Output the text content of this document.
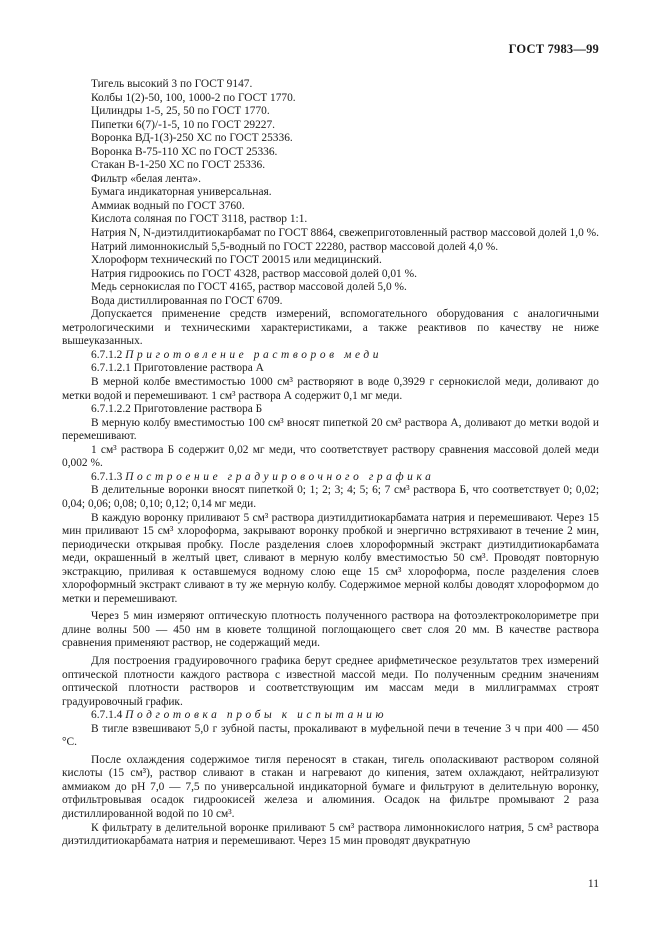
ГОСТ 7983—99

Тигель высокий 3 по ГОСТ 9147.

Колбы 1(2)-50, 100, 1000-2 по ГОСТ 1770.

Цилиндры 1-5, 25, 50 по ГОСТ 1770.

Пипетки 6(7)/-1-5, 10 по ГОСТ 29227.

Воронка ВД-1(3)-250 ХС по ГОСТ 25336.

Воронка В-75-110 ХС по ГОСТ 25336.

Стакан В-1-250 ХС по ГОСТ 25336.

Фильтр «белая лента».

Бумага индикаторная универсальная.

Аммиак водный по ГОСТ 3760.

Кислота соляная по ГОСТ 3118, раствор 1:1.

Натрия N, N-диэтилдитиокарбамат по ГОСТ 8864, свежеприготовленный раствор массовой долей 1,0 %.

Натрий лимоннокислый 5,5-водный по ГОСТ 22280, раствор массовой долей 4,0 %.

Хлороформ технический по ГОСТ 20015 или медицинский.

Натрия гидроокись по ГОСТ 4328, раствор массовой долей 0,01 %.

Медь сернокислая по ГОСТ 4165, раствор массовой долей 5,0 %.

Вода дистиллированная по ГОСТ 6709.

Допускается применение средств измерений, вспомогательного оборудования с аналогичными метрологическими и техническими характеристиками, а также реактивов по качеству не ниже вышеуказанных.

6.7.1.2 Приготовление растворов меди

6.7.1.2.1 Приготовление раствора А

В мерной колбе вместимостью 1000 см³ растворяют в воде 0,3929 г сернокислой меди, доливают до метки водой и перемешивают. 1 см³ раствора А содержит 0,1 мг меди.

6.7.1.2.2 Приготовление раствора Б

В мерную колбу вместимостью 100 см³ вносят пипеткой 20 см³ раствора А, доливают до метки водой и перемешивают.

1 см³ раствора Б содержит 0,02 мг меди, что соответствует раствору сравнения массовой долей меди 0,002 %.

6.7.1.3 Построение градуировочного графика

В делительные воронки вносят пипеткой 0; 1; 2; 3; 4; 5; 6; 7 см³ раствора Б, что соответствует 0; 0,02; 0,04; 0,06; 0,08; 0,10; 0,12; 0,14 мг меди.

В каждую воронку приливают 5 см³ раствора диэтилдитиокарбамата натрия и перемешивают. Через 15 мин приливают 15 см³ хлороформа, закрывают воронку пробкой и энергично встряхивают в течение 2 мин, периодически открывая пробку. После разделения слоев хлороформный экстракт диэтилдитиокарбамата меди, окрашенный в желтый цвет, сливают в мерную колбу вместимостью 50 см³. Проводят повторную экстракцию, приливая к оставшемуся водному слою еще 15 см³ хлороформа, после разделения слоев хлороформный экстракт сливают в ту же мерную колбу. Содержимое мерной колбы доводят хлороформом до метки и перемешивают.

Через 5 мин измеряют оптическую плотность полученного раствора на фотоэлектроколориметре при длине волны 500 — 450 нм в кювете толщиной поглощающего свет слоя 20 мм. В качестве раствора сравнения применяют раствор, не содержащий меди.

Для построения градуировочного графика берут среднее арифметическое результатов трех измерений оптической плотности каждого раствора с известной массой меди. По полученным средним значениям оптической плотности растворов и соответствующим им массам меди в миллиграммах строят градуировочный график.

6.7.1.4 Подготовка пробы к испытанию

В тигле взвешивают 5,0 г зубной пасты, прокаливают в муфельной печи в течение 3 ч при 400 — 450 °С.

После охлаждения содержимое тигля переносят в стакан, тигель ополаскивают раствором соляной кислоты (15 см³), раствор сливают в стакан и нагревают до кипения, затем охлаждают, нейтрализуют аммиаком до pH 7,0 — 7,5 по универсальной индикаторной бумаге и фильтруют в делительную воронку, отфильтровывая осадок гидроокисей железа и алюминия. Осадок на фильтре промывают 2 раза дистиллированной водой по 10 см³.

К фильтрату в делительной воронке приливают 5 см³ раствора лимоннокислого натрия, 5 см³ раствора диэтилдитиокарбамата натрия и перемешивают. Через 15 мин проводят двукратную

11
